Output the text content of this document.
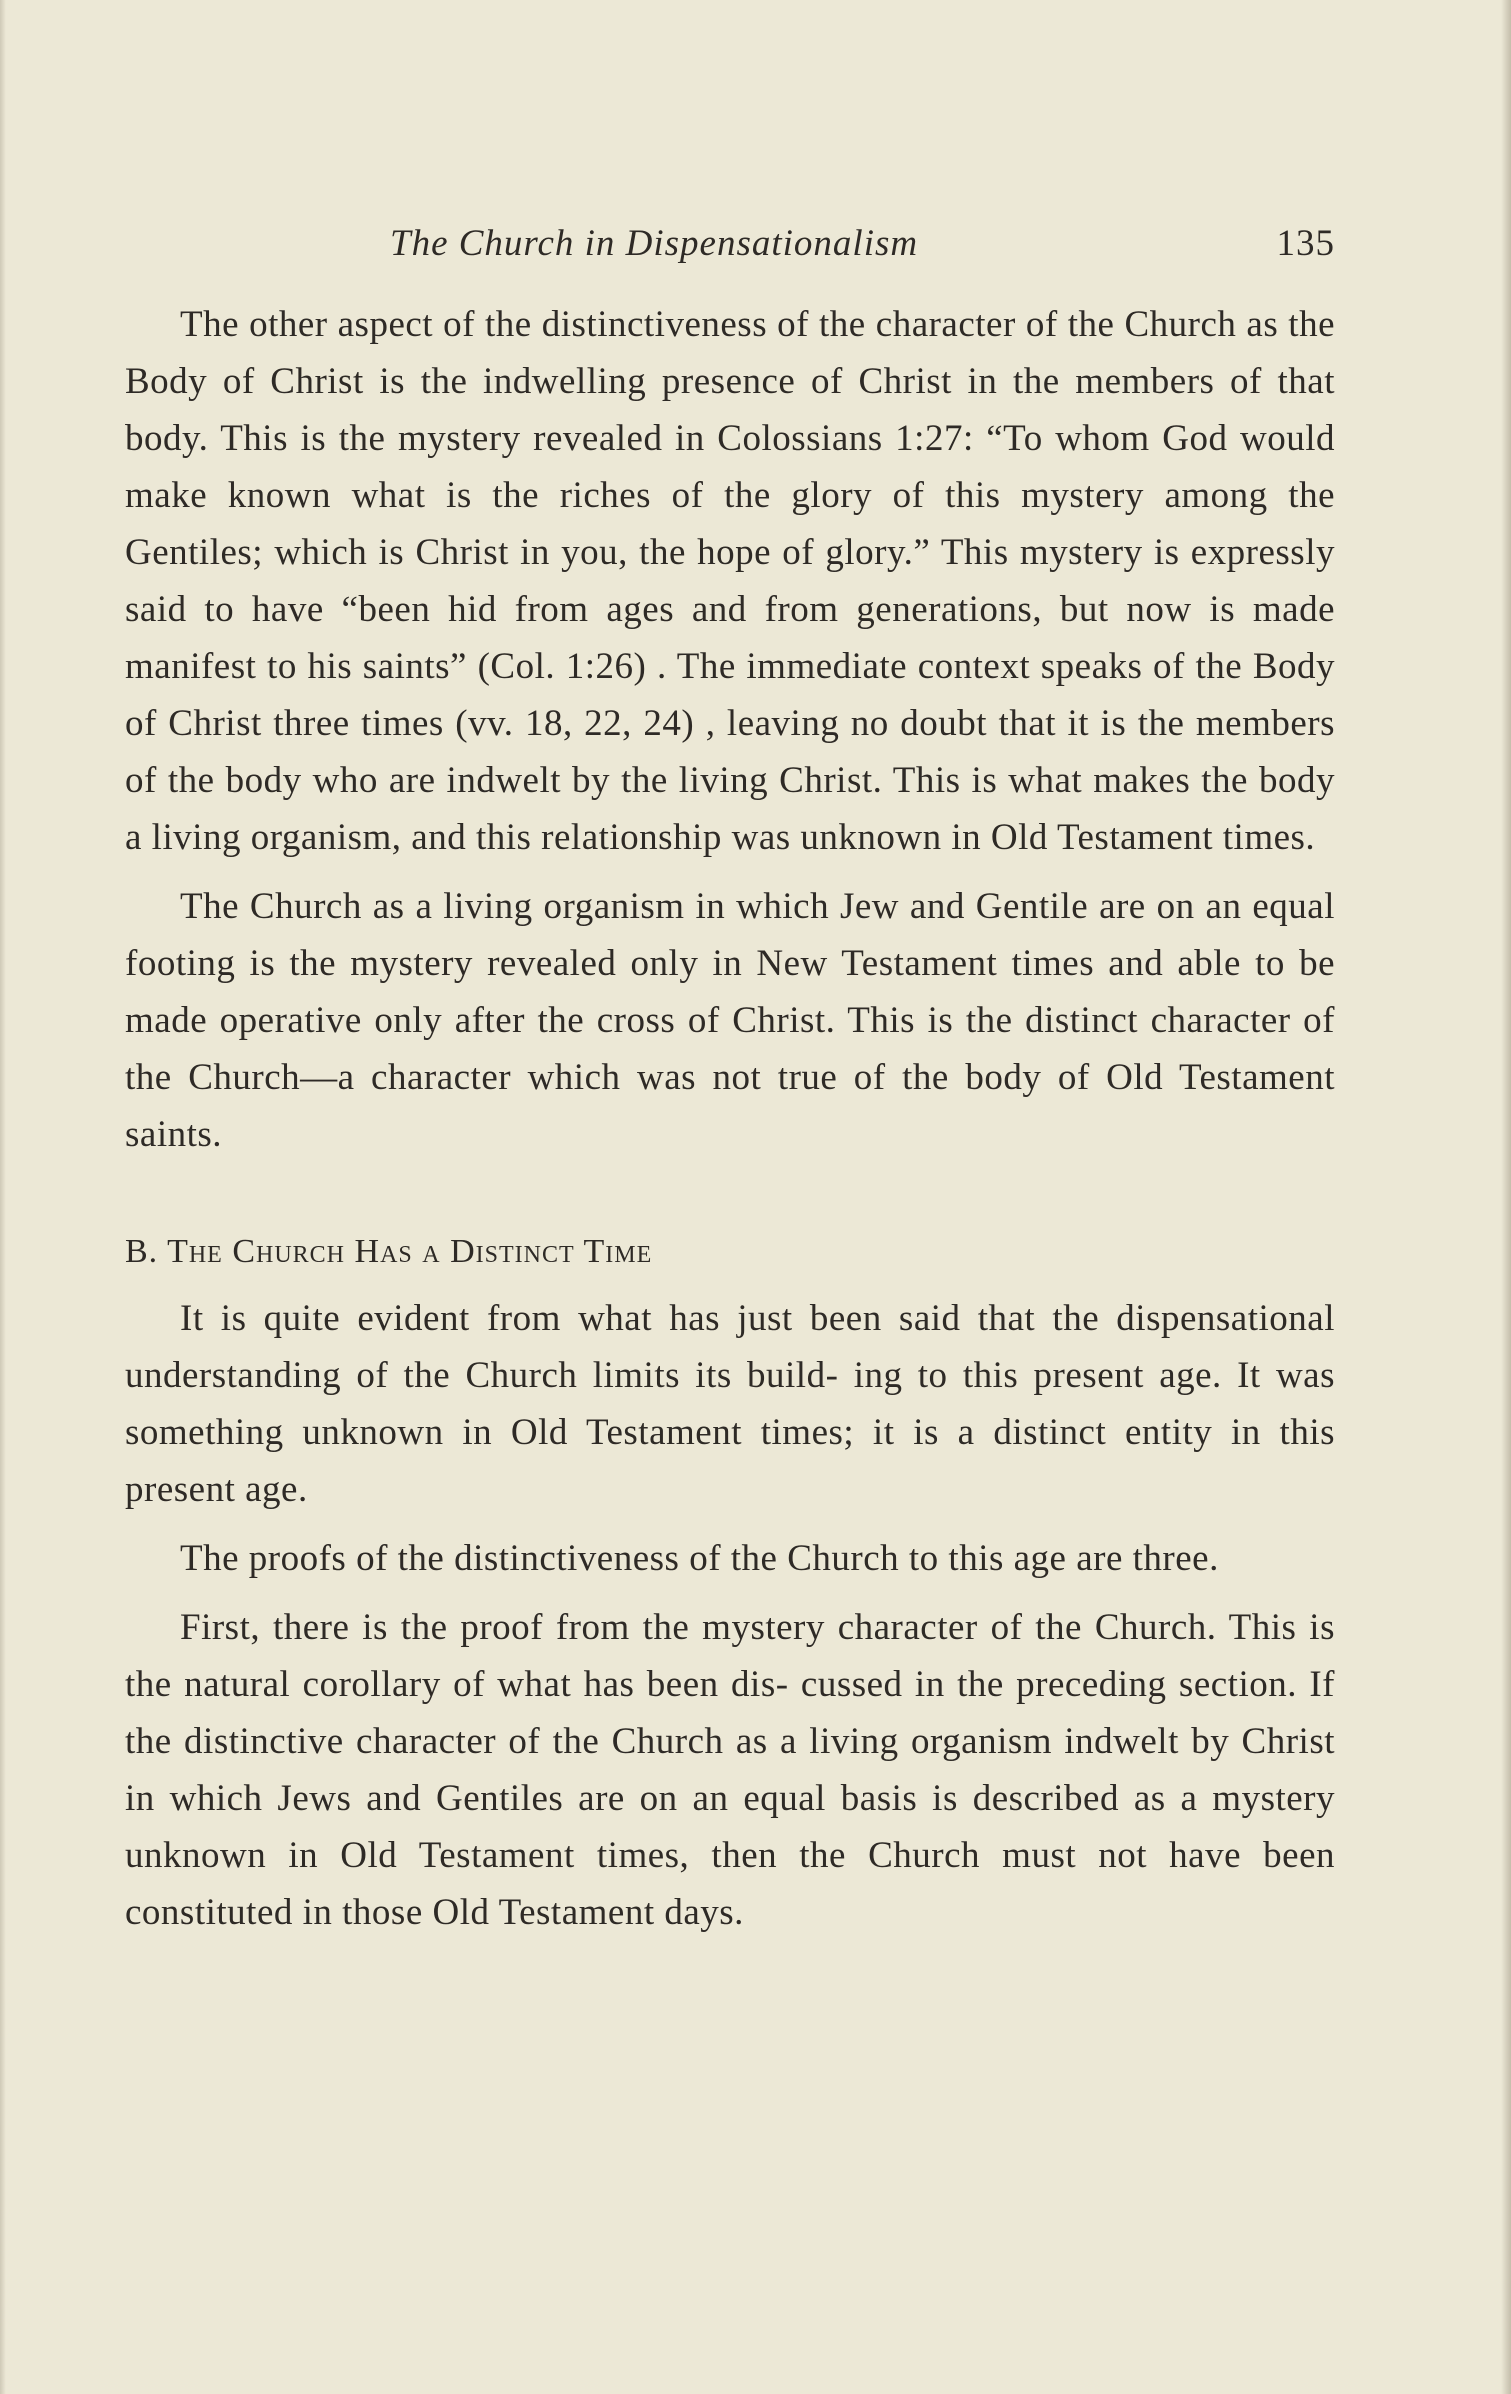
The Church in Dispensationalism	135

The other aspect of the distinctiveness of the character of the Church as the Body of Christ is the indwelling presence of Christ in the members of that body. This is the mystery revealed in Colossians 1:27: “To whom God would make known what is the riches of the glory of this mystery among the Gentiles; which is Christ in you, the hope of glory.” This mystery is expressly said to have “been hid from ages and from generations, but now is made manifest to his saints” (Col. 1:26) . The immediate context speaks of the Body of Christ three times (vv. 18, 22, 24) , leaving no doubt that it is the members of the body who are indwelt by the living Christ. This is what makes the body a living organism, and this relationship was unknown in Old Testament times.

The Church as a living organism in which Jew and Gentile are on an equal footing is the mystery revealed only in New Testament times and able to be made operative only after the cross of Christ. This is the distinct character of the Church—a character which was not true of the body of Old Testament saints.

B. The Church Has a Distinct Time

It is quite evident from what has just been said that the dispensational understanding of the Church limits its build- ing to this present age. It was something unknown in Old Testament times; it is a distinct entity in this present age.

The proofs of the distinctiveness of the Church to this age are three.

First, there is the proof from the mystery character of the Church. This is the natural corollary of what has been dis- cussed in the preceding section. If the distinctive character of the Church as a living organism indwelt by Christ in which Jews and Gentiles are on an equal basis is described as a mystery unknown in Old Testament times, then the Church must not have been constituted in those Old Testament days.
